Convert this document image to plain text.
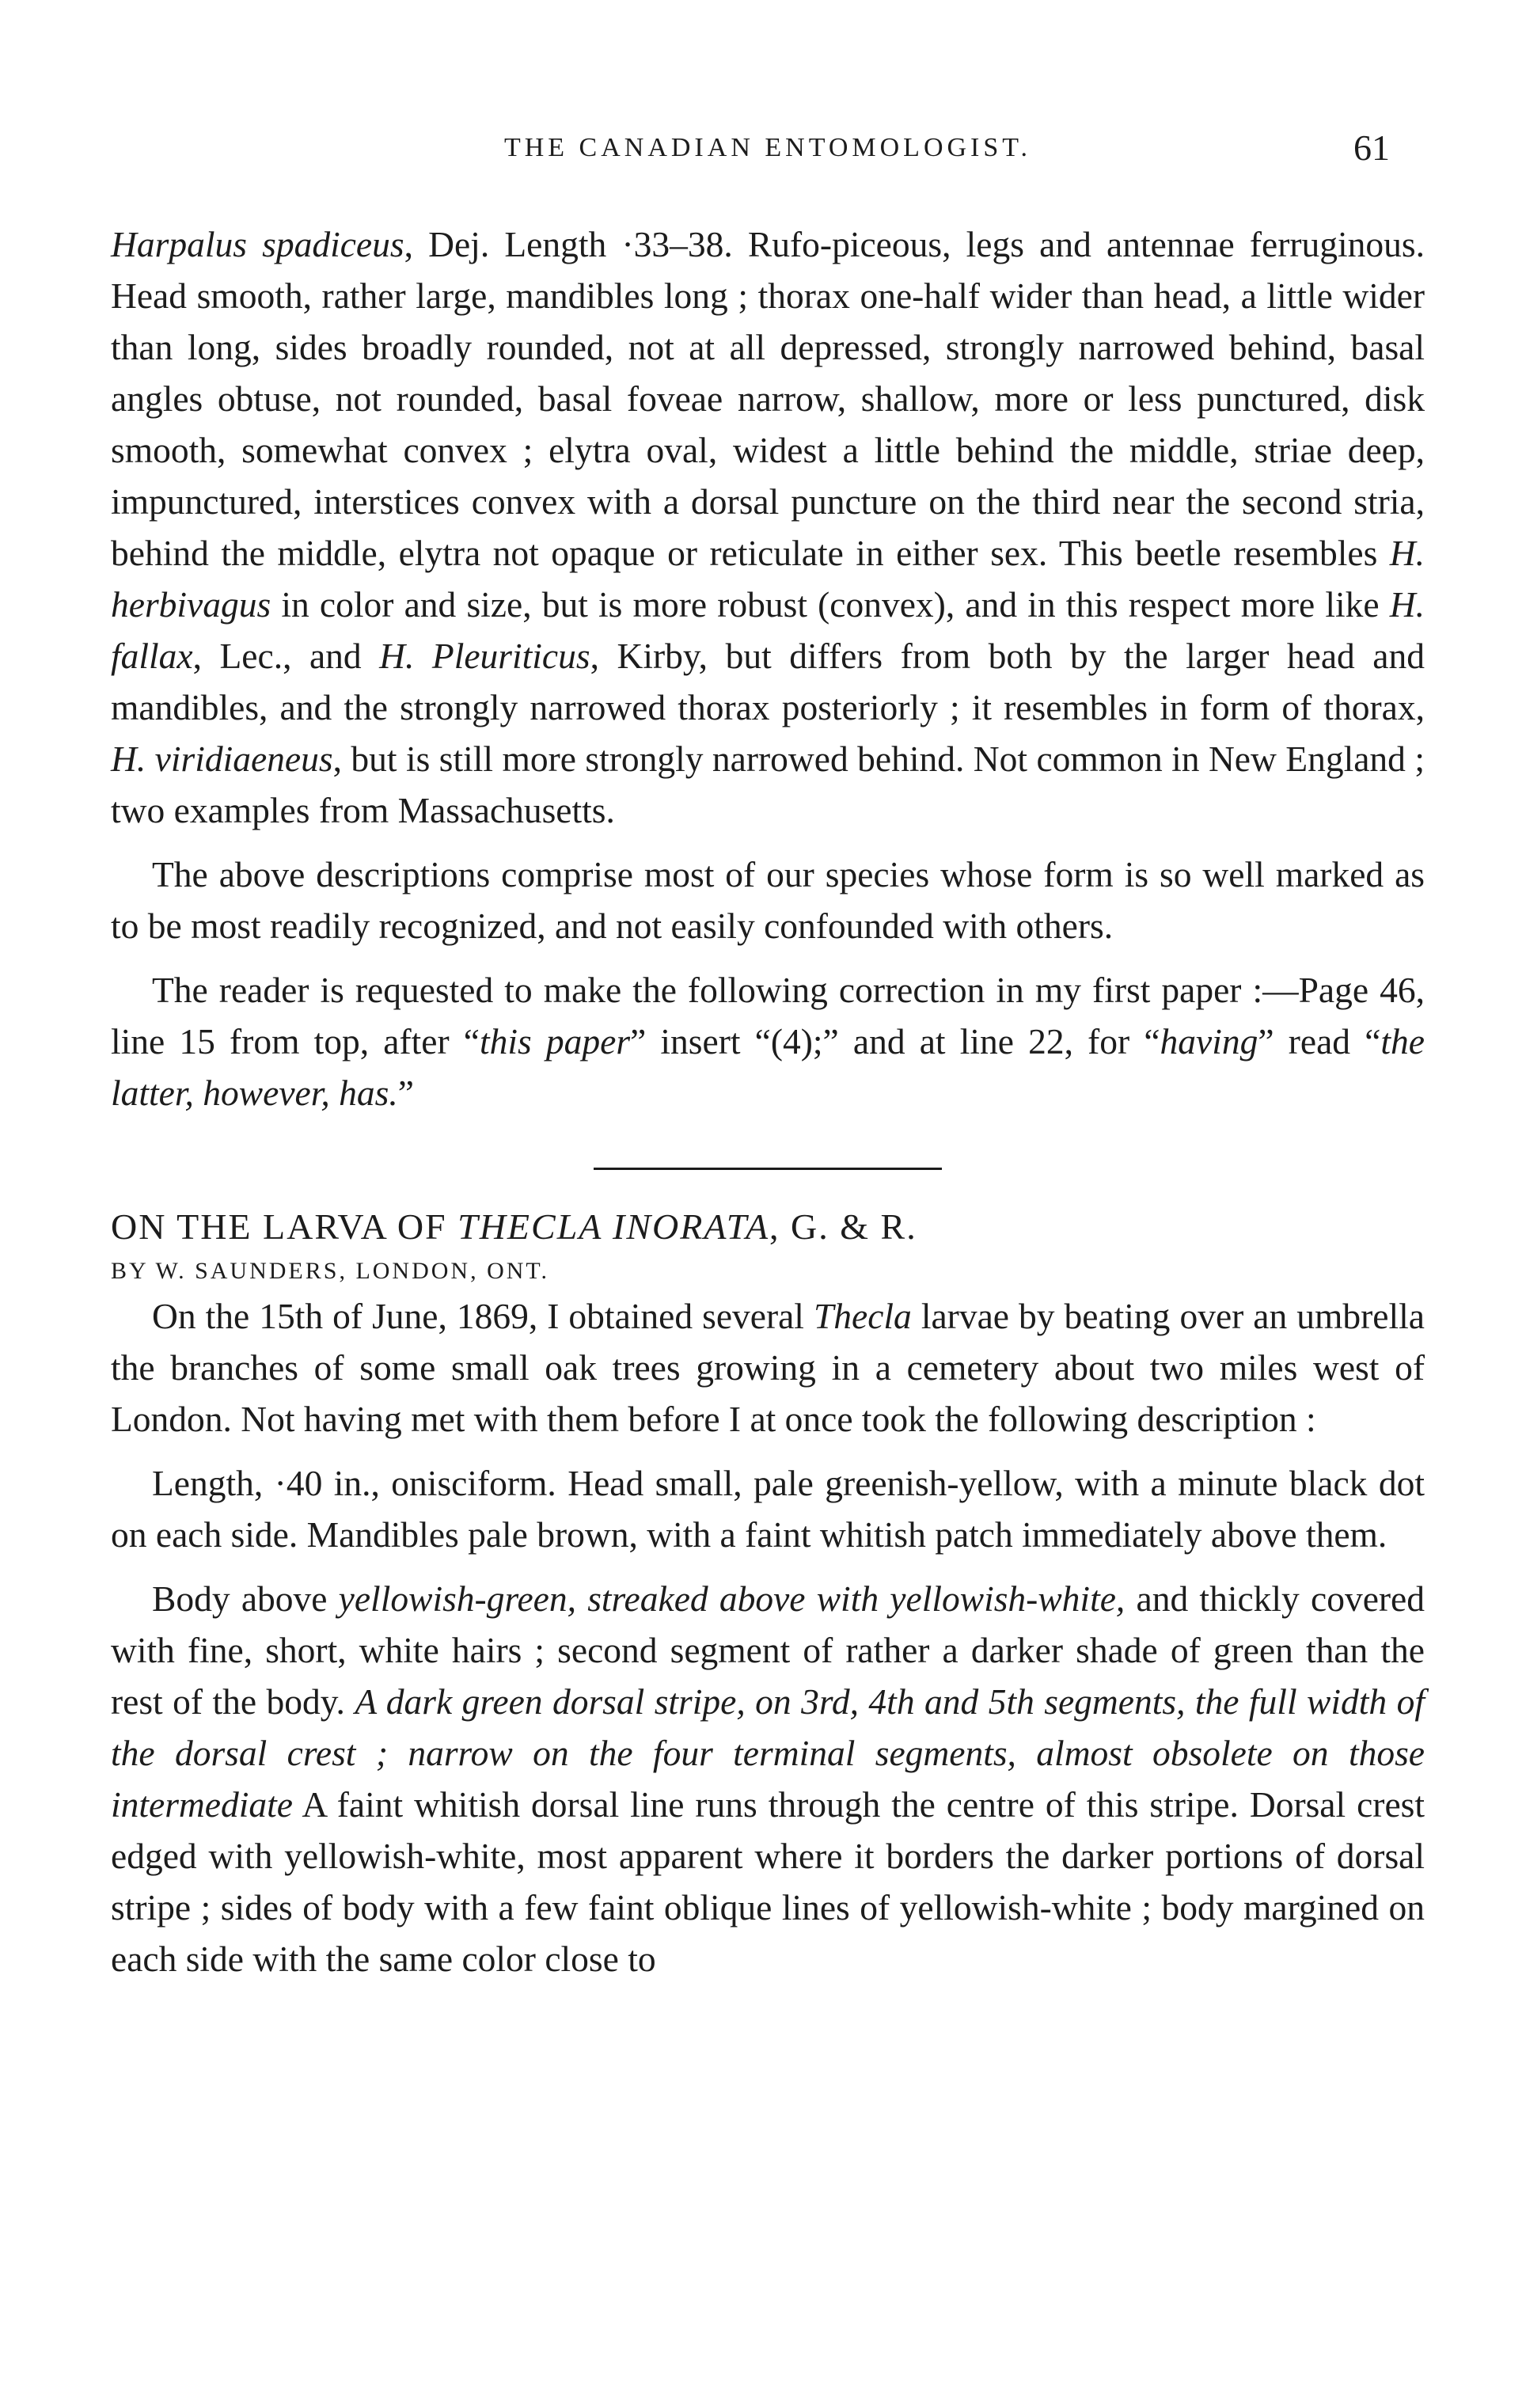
THE CANADIAN ENTOMOLOGIST.	61

Harpalus spadiceus, Dej. Length ·33–38. Rufo-piceous, legs and antennae ferruginous. Head smooth, rather large, mandibles long ; thorax one-half wider than head, a little wider than long, sides broadly rounded, not at all depressed, strongly narrowed behind, basal angles obtuse, not rounded, basal foveae narrow, shallow, more or less punctured, disk smooth, somewhat convex ; elytra oval, widest a little behind the middle, striae deep, impunctured, interstices convex with a dorsal puncture on the third near the second stria, behind the middle, elytra not opaque or reticulate in either sex. This beetle resembles H. herbivagus in color and size, but is more robust (convex), and in this respect more like H. fallax, Lec., and H. Pleuriticus, Kirby, but differs from both by the larger head and mandibles, and the strongly narrowed thorax posteriorly ; it resembles in form of thorax, H. viridiaeneus, but is still more strongly narrowed behind. Not common in New England ; two examples from Massachusetts.

The above descriptions comprise most of our species whose form is so well marked as to be most readily recognized, and not easily confounded with others.

The reader is requested to make the following correction in my first paper :—Page 46, line 15 from top, after “this paper” insert “(4);” and at line 22, for “having” read “the latter, however, has.”

ON THE LARVA OF THECLA INORATA, G. & R.

BY W. SAUNDERS, LONDON, ONT.

On the 15th of June, 1869, I obtained several Thecla larvae by beating over an umbrella the branches of some small oak trees growing in a cemetery about two miles west of London. Not having met with them before I at once took the following description :

Length, ·40 in., onisciform. Head small, pale greenish-yellow, with a minute black dot on each side. Mandibles pale brown, with a faint whitish patch immediately above them.

Body above yellowish-green, streaked above with yellowish-white, and thickly covered with fine, short, white hairs ; second segment of rather a darker shade of green than the rest of the body. A dark green dorsal stripe, on 3rd, 4th and 5th segments, the full width of the dorsal crest ; narrow on the four terminal segments, almost obsolete on those intermediate A faint whitish dorsal line runs through the centre of this stripe. Dorsal crest edged with yellowish-white, most apparent where it borders the darker portions of dorsal stripe ; sides of body with a few faint oblique lines of yellowish-white ; body margined on each side with the same color close to
